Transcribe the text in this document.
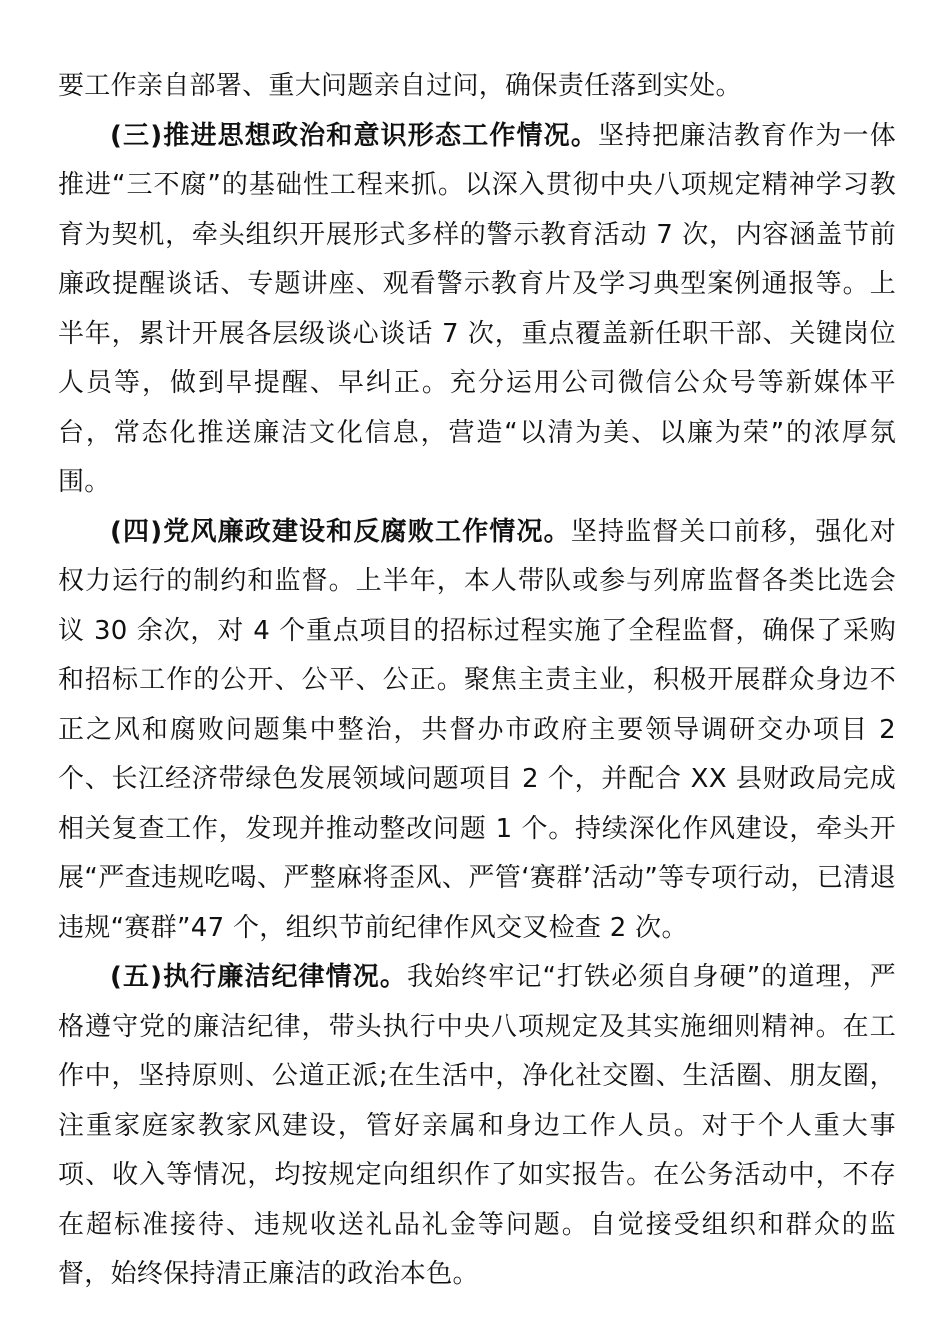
要工作亲自部署、重大问题亲自过问，确保责任落到实处。

(三)推进思想政治和意识形态工作情况。坚持把廉洁教育作为一体推进“三不腐”的基础性工程来抓。以深入贯彻中央八项规定精神学习教育为契机，牵头组织开展形式多样的警示教育活动 7 次，内容涵盖节前廉政提醒谈话、专题讲座、观看警示教育片及学习典型案例通报等。上半年，累计开展各层级谈心谈话 7 次，重点覆盖新任职干部、关键岗位人员等，做到早提醒、早纠正。充分运用公司微信公众号等新媒体平台，常态化推送廉洁文化信息，营造“以清为美、以廉为荣”的浓厚氛围。

(四)党风廉政建设和反腐败工作情况。坚持监督关口前移，强化对权力运行的制约和监督。上半年，本人带队或参与列席监督各类比选会议 30 余次，对 4 个重点项目的招标过程实施了全程监督，确保了采购和招标工作的公开、公平、公正。聚焦主责主业，积极开展群众身边不正之风和腐败问题集中整治，共督办市政府主要领导调研交办项目 2 个、长江经济带绿色发展领域问题项目 2 个，并配合 XX 县财政局完成相关复查工作，发现并推动整改问题 1 个。持续深化作风建设，牵头开展“严查违规吃喝、严整麻将歪风、严管‘赛群’活动”等专项行动，已清退违规“赛群”47 个，组织节前纪律作风交叉检查 2 次。

(五)执行廉洁纪律情况。我始终牢记“打铁必须自身硬”的道理，严格遵守党的廉洁纪律，带头执行中央八项规定及其实施细则精神。在工作中，坚持原则、公道正派;在生活中，净化社交圈、生活圈、朋友圈，注重家庭家教家风建设，管好亲属和身边工作人员。对于个人重大事项、收入等情况，均按规定向组织作了如实报告。在公务活动中，不存在超标准接待、违规收送礼品礼金等问题。自觉接受组织和群众的监督，始终保持清正廉洁的政治本色。
